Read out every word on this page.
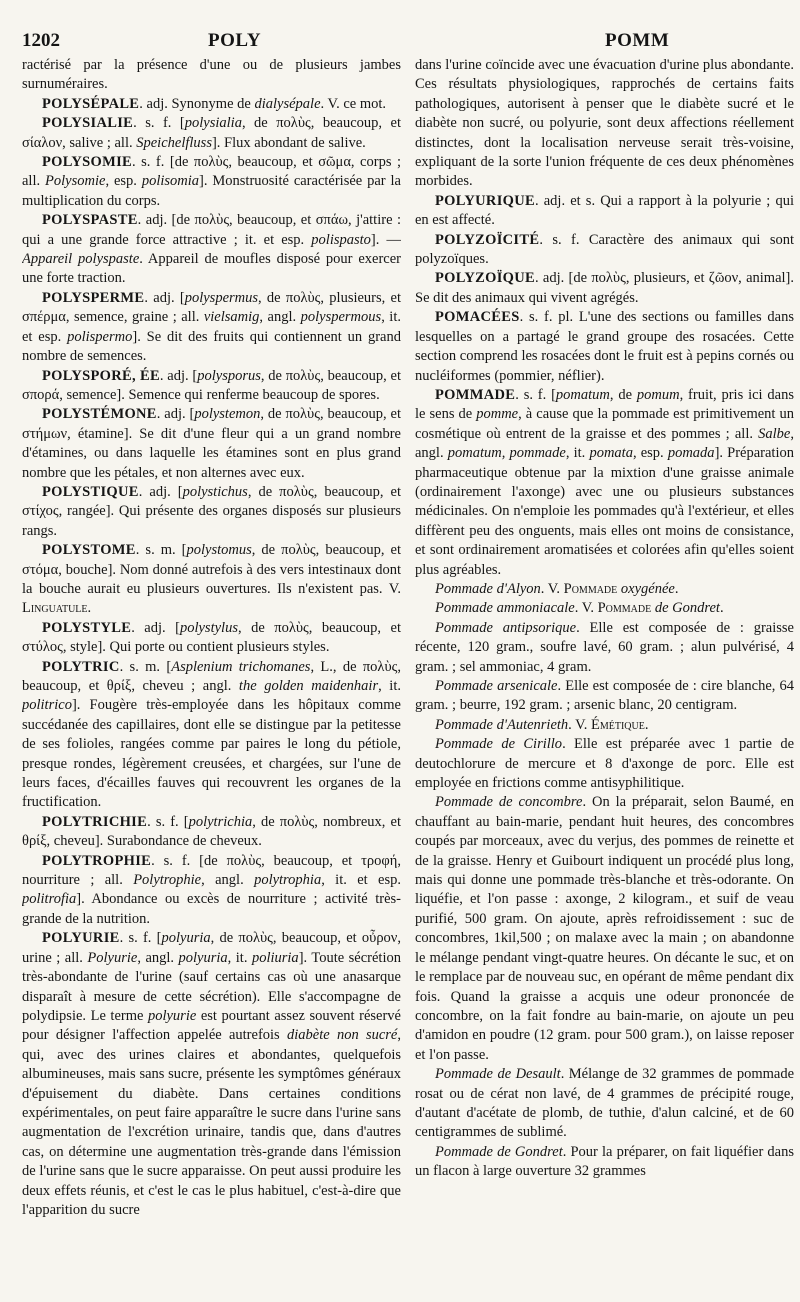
1202	POLY	POMM

ractérisé par la présence d'une ou de plusieurs jambes surnuméraires.

POLYSÉPALE. adj. Synonyme de dialysépale. V. ce mot.

POLYSIALIE. s. f. [polysialia, de πολὺς, beaucoup, et σίαλον, salive ; all. Speichelfluss]. Flux abondant de salive.

POLYSOMIE. s. f. [de πολὺς, beaucoup, et σῶμα, corps ; all. Polysomie, esp. polisomia]. Monstruosité caractérisée par la multiplication du corps.

POLYSPASTE. adj. [de πολὺς, beaucoup, et σπάω, j'attire : qui a une grande force attractive ; it. et esp. polispasto]. — Appareil polyspaste. Appareil de moufles disposé pour exercer une forte traction.

POLYSPERME. adj. [polyspermus, de πολὺς, plusieurs, et σπέρμα, semence, graine ; all. vielsamig, angl. polyspermous, it. et esp. polispermo]. Se dit des fruits qui contiennent un grand nombre de semences.

POLYSPORÉ, ÉE. adj. [polysporus, de πολὺς, beaucoup, et σπορά, semence]. Semence qui renferme beaucoup de spores.

POLYSTÉMONE. adj. [polystemon, de πολὺς, beaucoup, et στήμων, étamine]. Se dit d'une fleur qui a un grand nombre d'étamines, ou dans laquelle les étamines sont en plus grand nombre que les pétales, et non alternes avec eux.

POLYSTIQUE. adj. [polystichus, de πολὺς, beaucoup, et στίχος, rangée]. Qui présente des organes disposés sur plusieurs rangs.

POLYSTOME. s. m. [polystomus, de πολὺς, beaucoup, et στόμα, bouche]. Nom donné autrefois à des vers intestinaux dont la bouche aurait eu plusieurs ouvertures. Ils n'existent pas. V. Linguatule.

POLYSTYLE. adj. [polystylus, de πολὺς, beaucoup, et στύλος, style]. Qui porte ou contient plusieurs styles.

POLYTRIC. s. m. [Asplenium trichomanes, L., de πολὺς, beaucoup, et θρίξ, cheveu ; angl. the golden maidenhair, it. politrico]. Fougère très-employée dans les hôpitaux comme succédanée des capillaires, dont elle se distingue par la petitesse de ses folioles, rangées comme par paires le long du pétiole, presque rondes, légèrement creusées, et chargées, sur l'une de leurs faces, d'écailles fauves qui recouvrent les organes de la fructification.

POLYTRICHIE. s. f. [polytrichia, de πολὺς, nombreux, et θρίξ, cheveu]. Surabondance de cheveux.

POLYTROPHIE. s. f. [de πολὺς, beaucoup, et τροφή, nourriture ; all. Polytrophie, angl. polytrophia, it. et esp. politrofia]. Abondance ou excès de nourriture ; activité très-grande de la nutrition.

POLYURIE. s. f. [polyuria, de πολὺς, beaucoup, et οὖρον, urine ; all. Polyurie, angl. polyuria, it. poliuria]. Toute sécrétion très-abondante de l'urine (sauf certains cas où une anasarque disparaît à mesure de cette sécrétion). Elle s'accompagne de polydipsie. Le terme polyurie est pourtant assez souvent réservé pour désigner l'affection appelée autrefois diabète non sucré, qui, avec des urines claires et abondantes, quelquefois albumineuses, mais sans sucre, présente les symptômes généraux d'épuisement du diabète. Dans certaines conditions expérimentales, on peut faire apparaître le sucre dans l'urine sans augmentation de l'excrétion urinaire, tandis que, dans d'autres cas, on détermine une augmentation très-grande dans l'émission de l'urine sans que le sucre apparaisse. On peut aussi produire les deux effets réunis, et c'est le cas le plus habituel, c'est-à-dire que l'apparition du sucre

dans l'urine coïncide avec une évacuation d'urine plus abondante. Ces résultats physiologiques, rapprochés de certains faits pathologiques, autorisent à penser que le diabète sucré et le diabète non sucré, ou polyurie, sont deux affections réellement distinctes, dont la localisation nerveuse serait très-voisine, expliquant de la sorte l'union fréquente de ces deux phénomènes morbides.

POLYURIQUE. adj. et s. Qui a rapport à la polyurie ; qui en est affecté.

POLYZOÏCITÉ. s. f. Caractère des animaux qui sont polyzoïques.

POLYZOÏQUE. adj. [de πολὺς, plusieurs, et ζῶον, animal]. Se dit des animaux qui vivent agrégés.

POMACÉES. s. f. pl. L'une des sections ou familles dans lesquelles on a partagé le grand groupe des rosacées. Cette section comprend les rosacées dont le fruit est à pepins cornés ou nucléiformes (pommier, néflier).

POMMADE. s. f. [pomatum, de pomum, fruit, pris ici dans le sens de pomme, à cause que la pommade est primitivement un cosmétique où entrent de la graisse et des pommes ; all. Salbe, angl. pomatum, pommade, it. pomata, esp. pomada]. Préparation pharmaceutique obtenue par la mixtion d'une graisse animale (ordinairement l'axonge) avec une ou plusieurs substances médicinales. On n'emploie les pommades qu'à l'extérieur, et elles diffèrent peu des onguents, mais elles ont moins de consistance, et sont ordinairement aromatisées et colorées afin qu'elles soient plus agréables.

Pommade d'Alyon. V. Pommade oxygénée.

Pommade ammoniacale. V. Pommade de Gondret.

Pommade antipsorique. Elle est composée de : graisse récente, 120 gram., soufre lavé, 60 gram. ; alun pulvérisé, 4 gram. ; sel ammoniac, 4 gram.

Pommade arsenicale. Elle est composée de : cire blanche, 64 gram. ; beurre, 192 gram. ; arsenic blanc, 20 centigram.

Pommade d'Autenrieth. V. Émétique.

Pommade de Cirillo. Elle est préparée avec 1 partie de deutochlorure de mercure et 8 d'axonge de porc. Elle est employée en frictions comme antisyphilitique.

Pommade de concombre. On la préparait, selon Baumé, en chauffant au bain-marie, pendant huit heures, des concombres coupés par morceaux, avec du verjus, des pommes de reinette et de la graisse. Henry et Guibourt indiquent un procédé plus long, mais qui donne une pommade très-blanche et très-odorante. On liquéfie, et l'on passe : axonge, 2 kilogram., et suif de veau purifié, 500 gram. On ajoute, après refroidissement : suc de concombres, 1kil,500 ; on malaxe avec la main ; on abandonne le mélange pendant vingt-quatre heures. On décante le suc, et on le remplace par de nouveau suc, en opérant de même pendant dix fois. Quand la graisse a acquis une odeur prononcée de concombre, on la fait fondre au bain-marie, on ajoute un peu d'amidon en poudre (12 gram. pour 500 gram.), on laisse reposer et l'on passe.

Pommade de Desault. Mélange de 32 grammes de pommade rosat ou de cérat non lavé, de 4 grammes de précipité rouge, d'autant d'acétate de plomb, de tuthie, d'alun calciné, et de 60 centigrammes de sublimé.

Pommade de Gondret. Pour la préparer, on fait liquéfier dans un flacon à large ouverture 32 grammes
